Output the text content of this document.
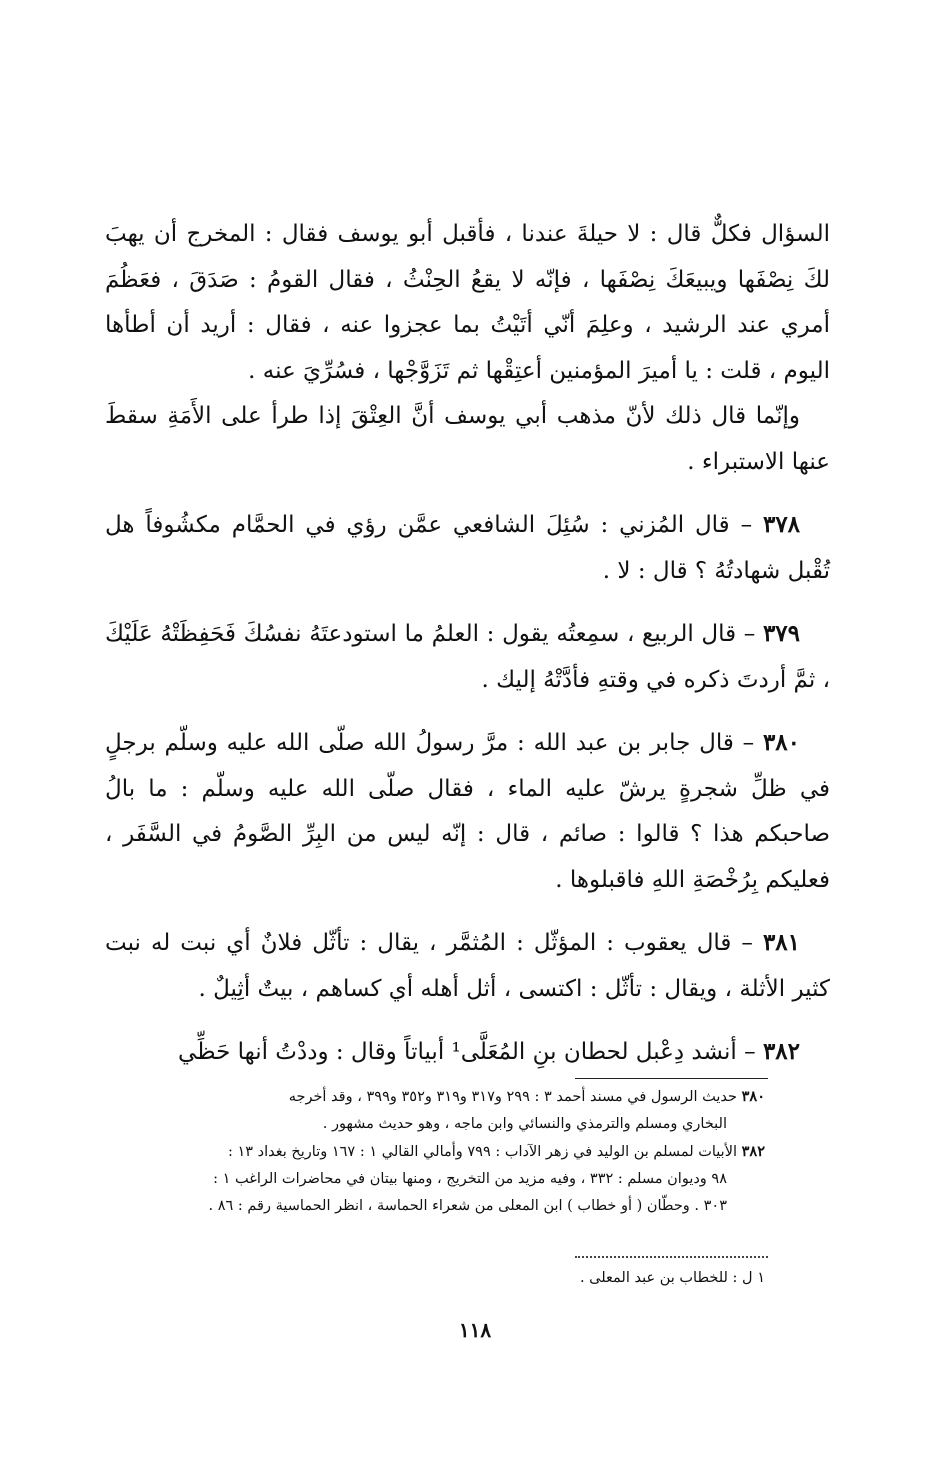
السؤال فكلٌّ قال : لا حيلةَ عندنا ، فأقبل أبو يوسف فقال : المخرج أن يهبَ لكَ نِصْفَها ويبيعَكَ نِصْفَها ، فإنّه لا يقعُ الحِنْثُ ، فقال القومُ : صَدَقَ ، فعَظُمَ أمري عند الرشيد ، وعلِمَ أنّي أتَيْتُ بما عجزوا عنه ، فقال : أريد أن أطأها اليوم ، قلت : يا أميرَ المؤمنين أعتِقْها ثم تَزَوَّجْها ، فسُرِّيَ عنه .

وإنّما قال ذلك لأنّ مذهب أبي يوسف أنَّ العِتْقَ إذا طرأ على الأَمَةِ سقطَ عنها الاستبراء .

٣٧٨ – قال المُزني : سُئِلَ الشافعي عمَّن رؤي في الحمَّام مكشُوفاً هل تُقْبل شهادتُهُ ؟ قال : لا .

٣٧٩ – قال الربيع ، سمِعتُه يقول : العلمُ ما استودعتَهُ نفسُكَ فَحَفِظَتْهُ عَلَيْكَ ، ثمَّ أردتَ ذكره في وقتهِ فأدَّتْهُ إليك .

٣٨٠ – قال جابر بن عبد الله : مرَّ رسولُ الله صلّى الله عليه وسلّم برجلٍ في ظلِّ شجرةٍ يرشّ عليه الماء ، فقال صلّى الله عليه وسلّم : ما بالُ صاحبكم هذا ؟ قالوا : صائم ، قال : إنّه ليس من البِرِّ الصَّومُ في السَّفَر ، فعليكم بِرُخْصَةِ اللهِ فاقبلوها .

٣٨١ – قال يعقوب : المؤثّل : المُثمَّر ، يقال : تأثّل فلانٌ أي نبت له نبت كثير الأثلة ، ويقال : تأثّل : اكتسى ، أثل أهله أي كساهم ، بيتٌ أثِيلٌ .

٣٨٢ – أنشد دِعْبل لحطان بنِ المُعَلَّى¹ أبياتاً وقال : وددْتُ أنها حَظِّي

٣٨٠ حديث الرسول في مسند أحمد ٣ : ٢٩٩ و٣١٧ و٣١٩ و٣٥٢ و٣٩٩ ، وقد أخرجه

البخاري ومسلم والترمذي والنسائي وابن ماجه ، وهو حديث مشهور .

٣٨٢ الأبيات لمسلم بن الوليد في زهر الآداب : ٧٩٩ وأمالي القالي ١ : ١٦٧ وتاريخ بغداد ١٣ :

٩٨ وديوان مسلم : ٣٣٢ ، وفيه مزيد من التخريج ، ومنها بيتان في محاضرات الراغب ١ :

٣٠٣ . وحطّان ( أو خطاب ) ابن المعلى من شعراء الحماسة ، انظر الحماسية رقم : ٨٦ .

١ ل : للخطاب بن عبد المعلى .
١١٨
